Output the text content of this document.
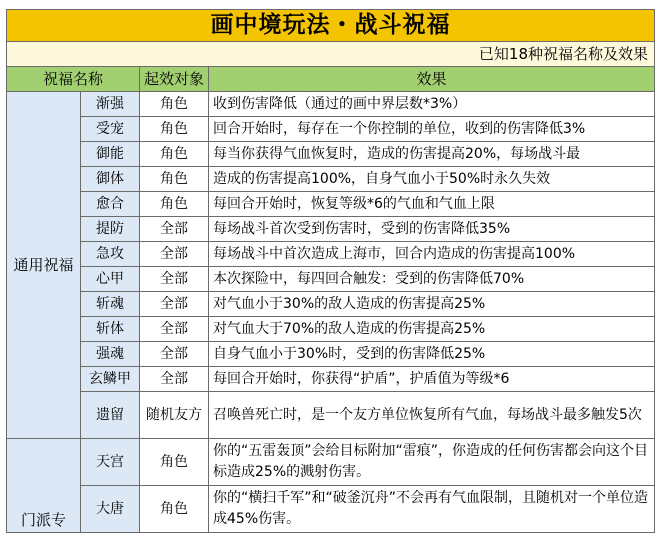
画中境玩法・战斗祝福			
已知18种祝福名称及效果			
祝福名称		起效对象	效果
通用祝福	渐强	角色	收到伤害降低（通过的画中界层数*3%）
	受宠	角色	回合开始时，每存在一个你控制的单位，收到的伤害降低3%
	御能	角色	每当你获得气血恢复时，造成的伤害提高20%，每场战斗最
	御体	角色	造成的伤害提高100%，自身气血小于50%时永久失效
	愈合	角色	每回合开始时，恢复等级*6的气血和气血上限
	提防	全部	每场战斗首次受到伤害时，受到的伤害降低35%
	急攻	全部	每场战斗中首次造成上海市，回合内造成的伤害提高100%
	心甲	全部	本次探险中，每四回合触发：受到的伤害降低70%
	斩魂	全部	对气血小于30%的敌人造成的伤害提高25%
	斩体	全部	对气血大于70%的敌人造成的伤害提高25%
	强魂	全部	自身气血小于30%时，受到的伤害降低25%
	玄鳞甲	全部	每回合开始时，你获得“护盾”，护盾值为等级*6
	遗留	随机友方	召唤兽死亡时，是一个友方单位恢复所有气血，每场战斗最多触发5次
门派专	天宫	角色	你的“五雷轰顶”会给目标附加“雷痕”，你造成的任何伤害都会向这个目标造成25%的溅射伤害。
	大唐	角色	你的“横扫千军”和“破釜沉舟”不会再有气血限制，且随机对一个单位造成45%伤害。
